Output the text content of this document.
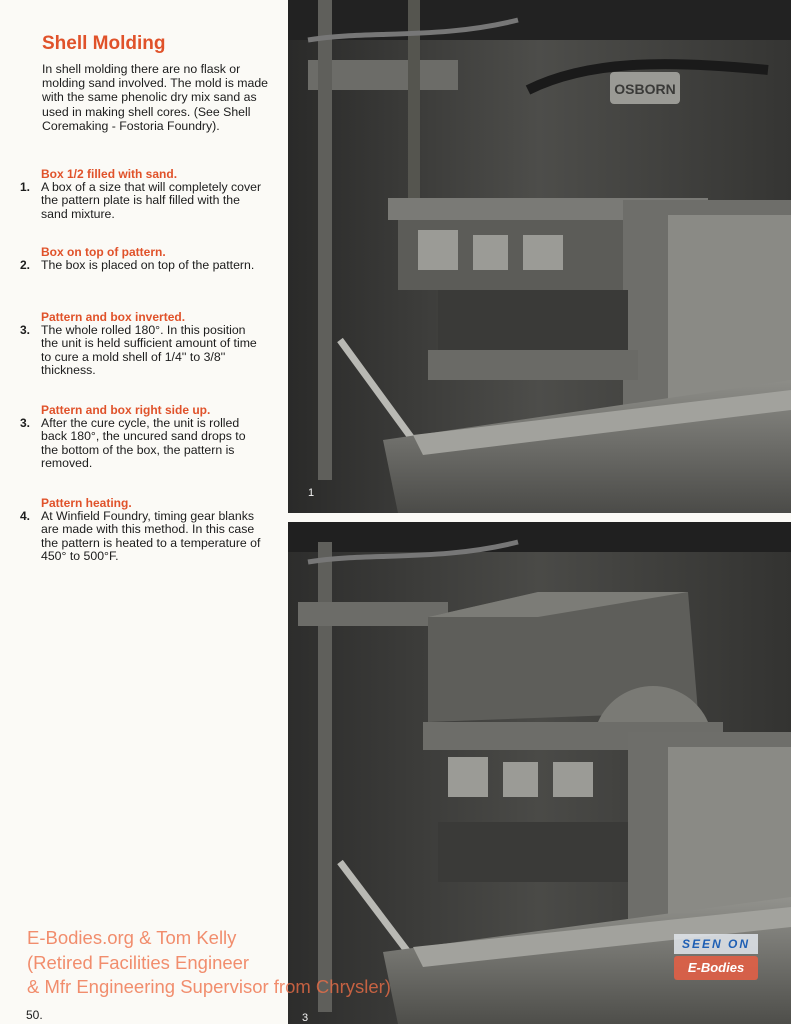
Shell Molding

In shell molding there are no flask or molding sand involved. The mold is made with the same phenolic dry mix sand as used in making shell cores. (See Shell Coremaking - Fostoria Foundry).

Box 1/2 filled with sand.
1. A box of a size that will completely cover the pattern plate is half filled with the sand mixture.
Box on top of pattern.
2. The box is placed on top of the pattern.
Pattern and box inverted.
3. The whole rolled 180°. In this position the unit is held sufficient amount of time to cure a mold shell of 1/4'' to 3/8'' thickness.
Pattern and box right side up.
3. After the cure cycle, the unit is rolled back 180°, the uncured sand drops to the bottom of the box, the pattern is removed.
Pattern heating.
4. At Winfield Foundry, timing gear blanks are made with this method. In this case the pattern is heated to a temperature of 450° to 500°F.
50.
OSBORN
1
3
E-Bodies.org & Tom Kelly
(Retired Facilities Engineer
& Mfr Engineering Supervisor from Chrysler)
SEEN ON
E-Bodies
